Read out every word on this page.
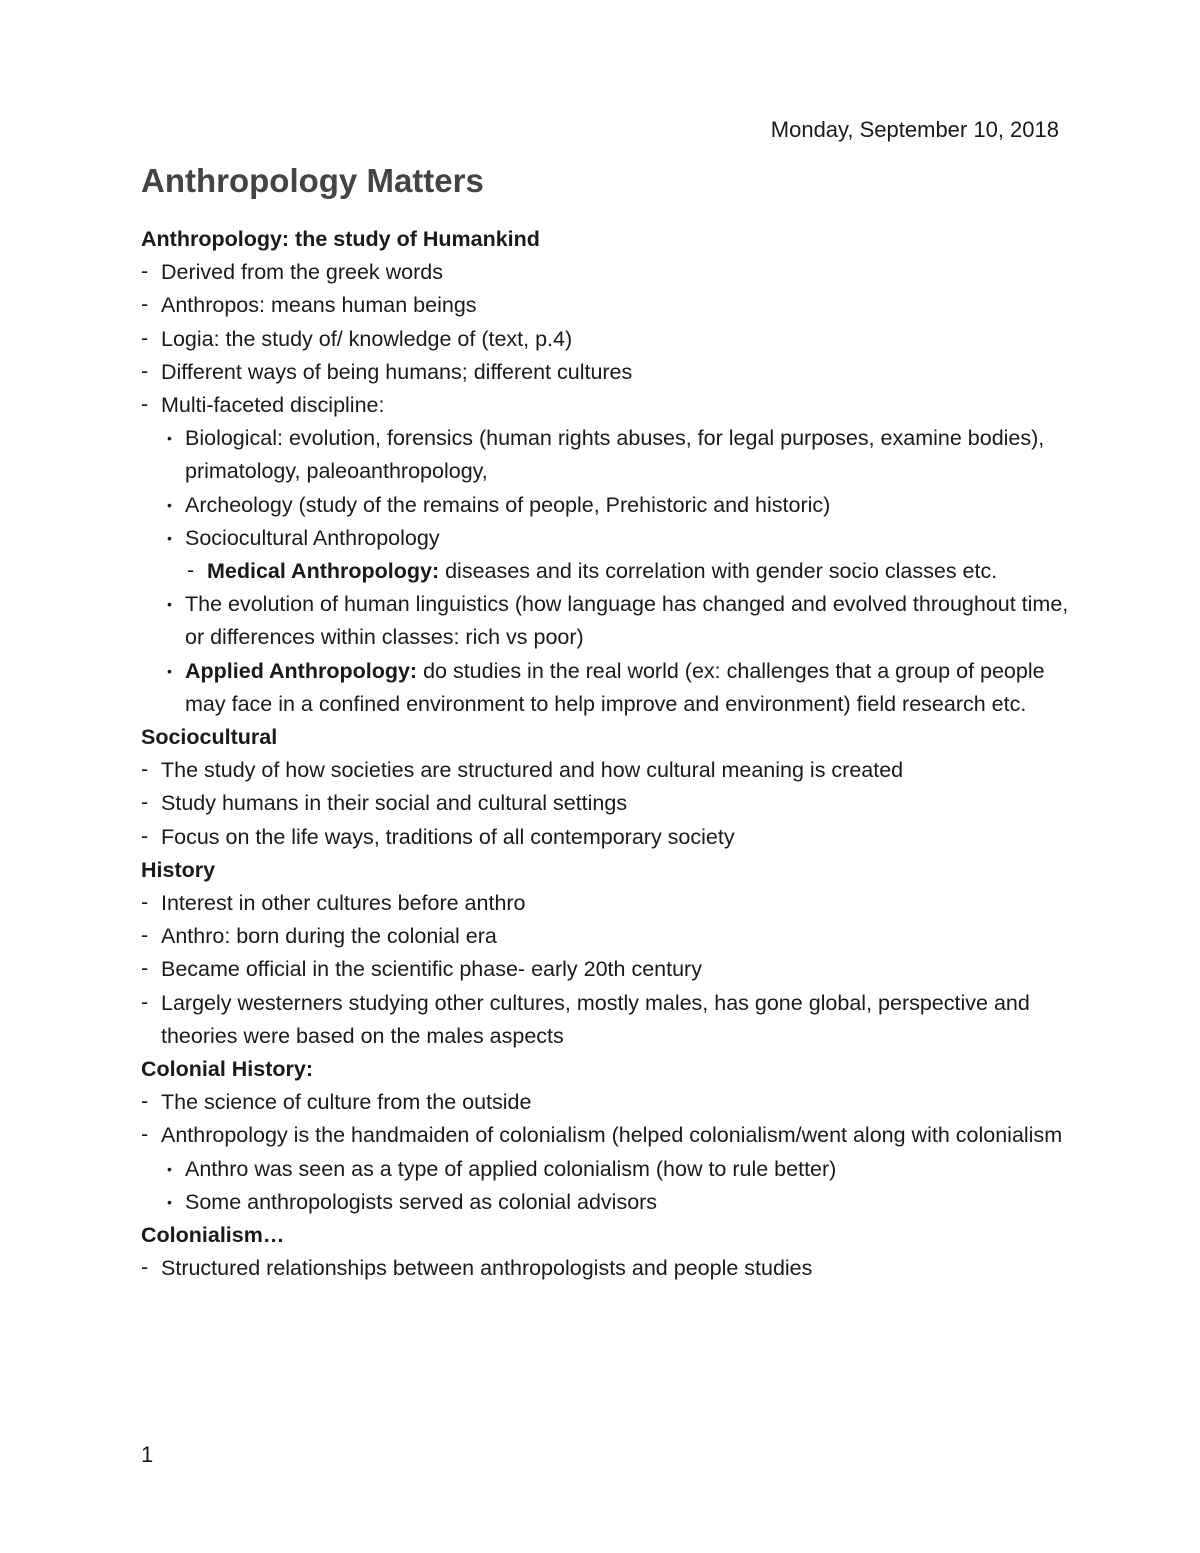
Monday, September 10, 2018
Anthropology Matters

Anthropology: the study of Humankind

- Derived from the greek words

- Anthropos: means human beings

- Logia: the study of/ knowledge of (text, p.4)

- Different ways of being humans; different cultures

- Multi-faceted discipline:

• Biological: evolution, forensics (human rights abuses, for legal purposes, examine bodies), primatology, paleoanthropology,

• Archeology (study of the remains of people, Prehistoric and historic)

• Sociocultural Anthropology

- Medical Anthropology: diseases and its correlation with gender socio classes etc.

• The evolution of human linguistics (how language has changed and evolved throughout time, or differences within classes: rich vs poor)

• Applied Anthropology: do studies in the real world (ex: challenges that a group of people may face in a confined environment to help improve and environment) field research etc.

Sociocultural

- The study of how societies are structured and how cultural meaning is created

- Study humans in their social and cultural settings

- Focus on the life ways, traditions of all contemporary society

History

- Interest in other cultures before anthro

- Anthro: born during the colonial era

- Became official in the scientific phase- early 20th century

- Largely westerners studying other cultures, mostly males, has gone global, perspective and theories were based on the males aspects

Colonial History:

- The science of culture from the outside

- Anthropology is the handmaiden of colonialism (helped colonialism/went along with colonialism

• Anthro was seen as a type of applied colonialism (how to rule better)

• Some anthropologists served as colonial advisors

Colonialism…

- Structured relationships between anthropologists and people studies

1
